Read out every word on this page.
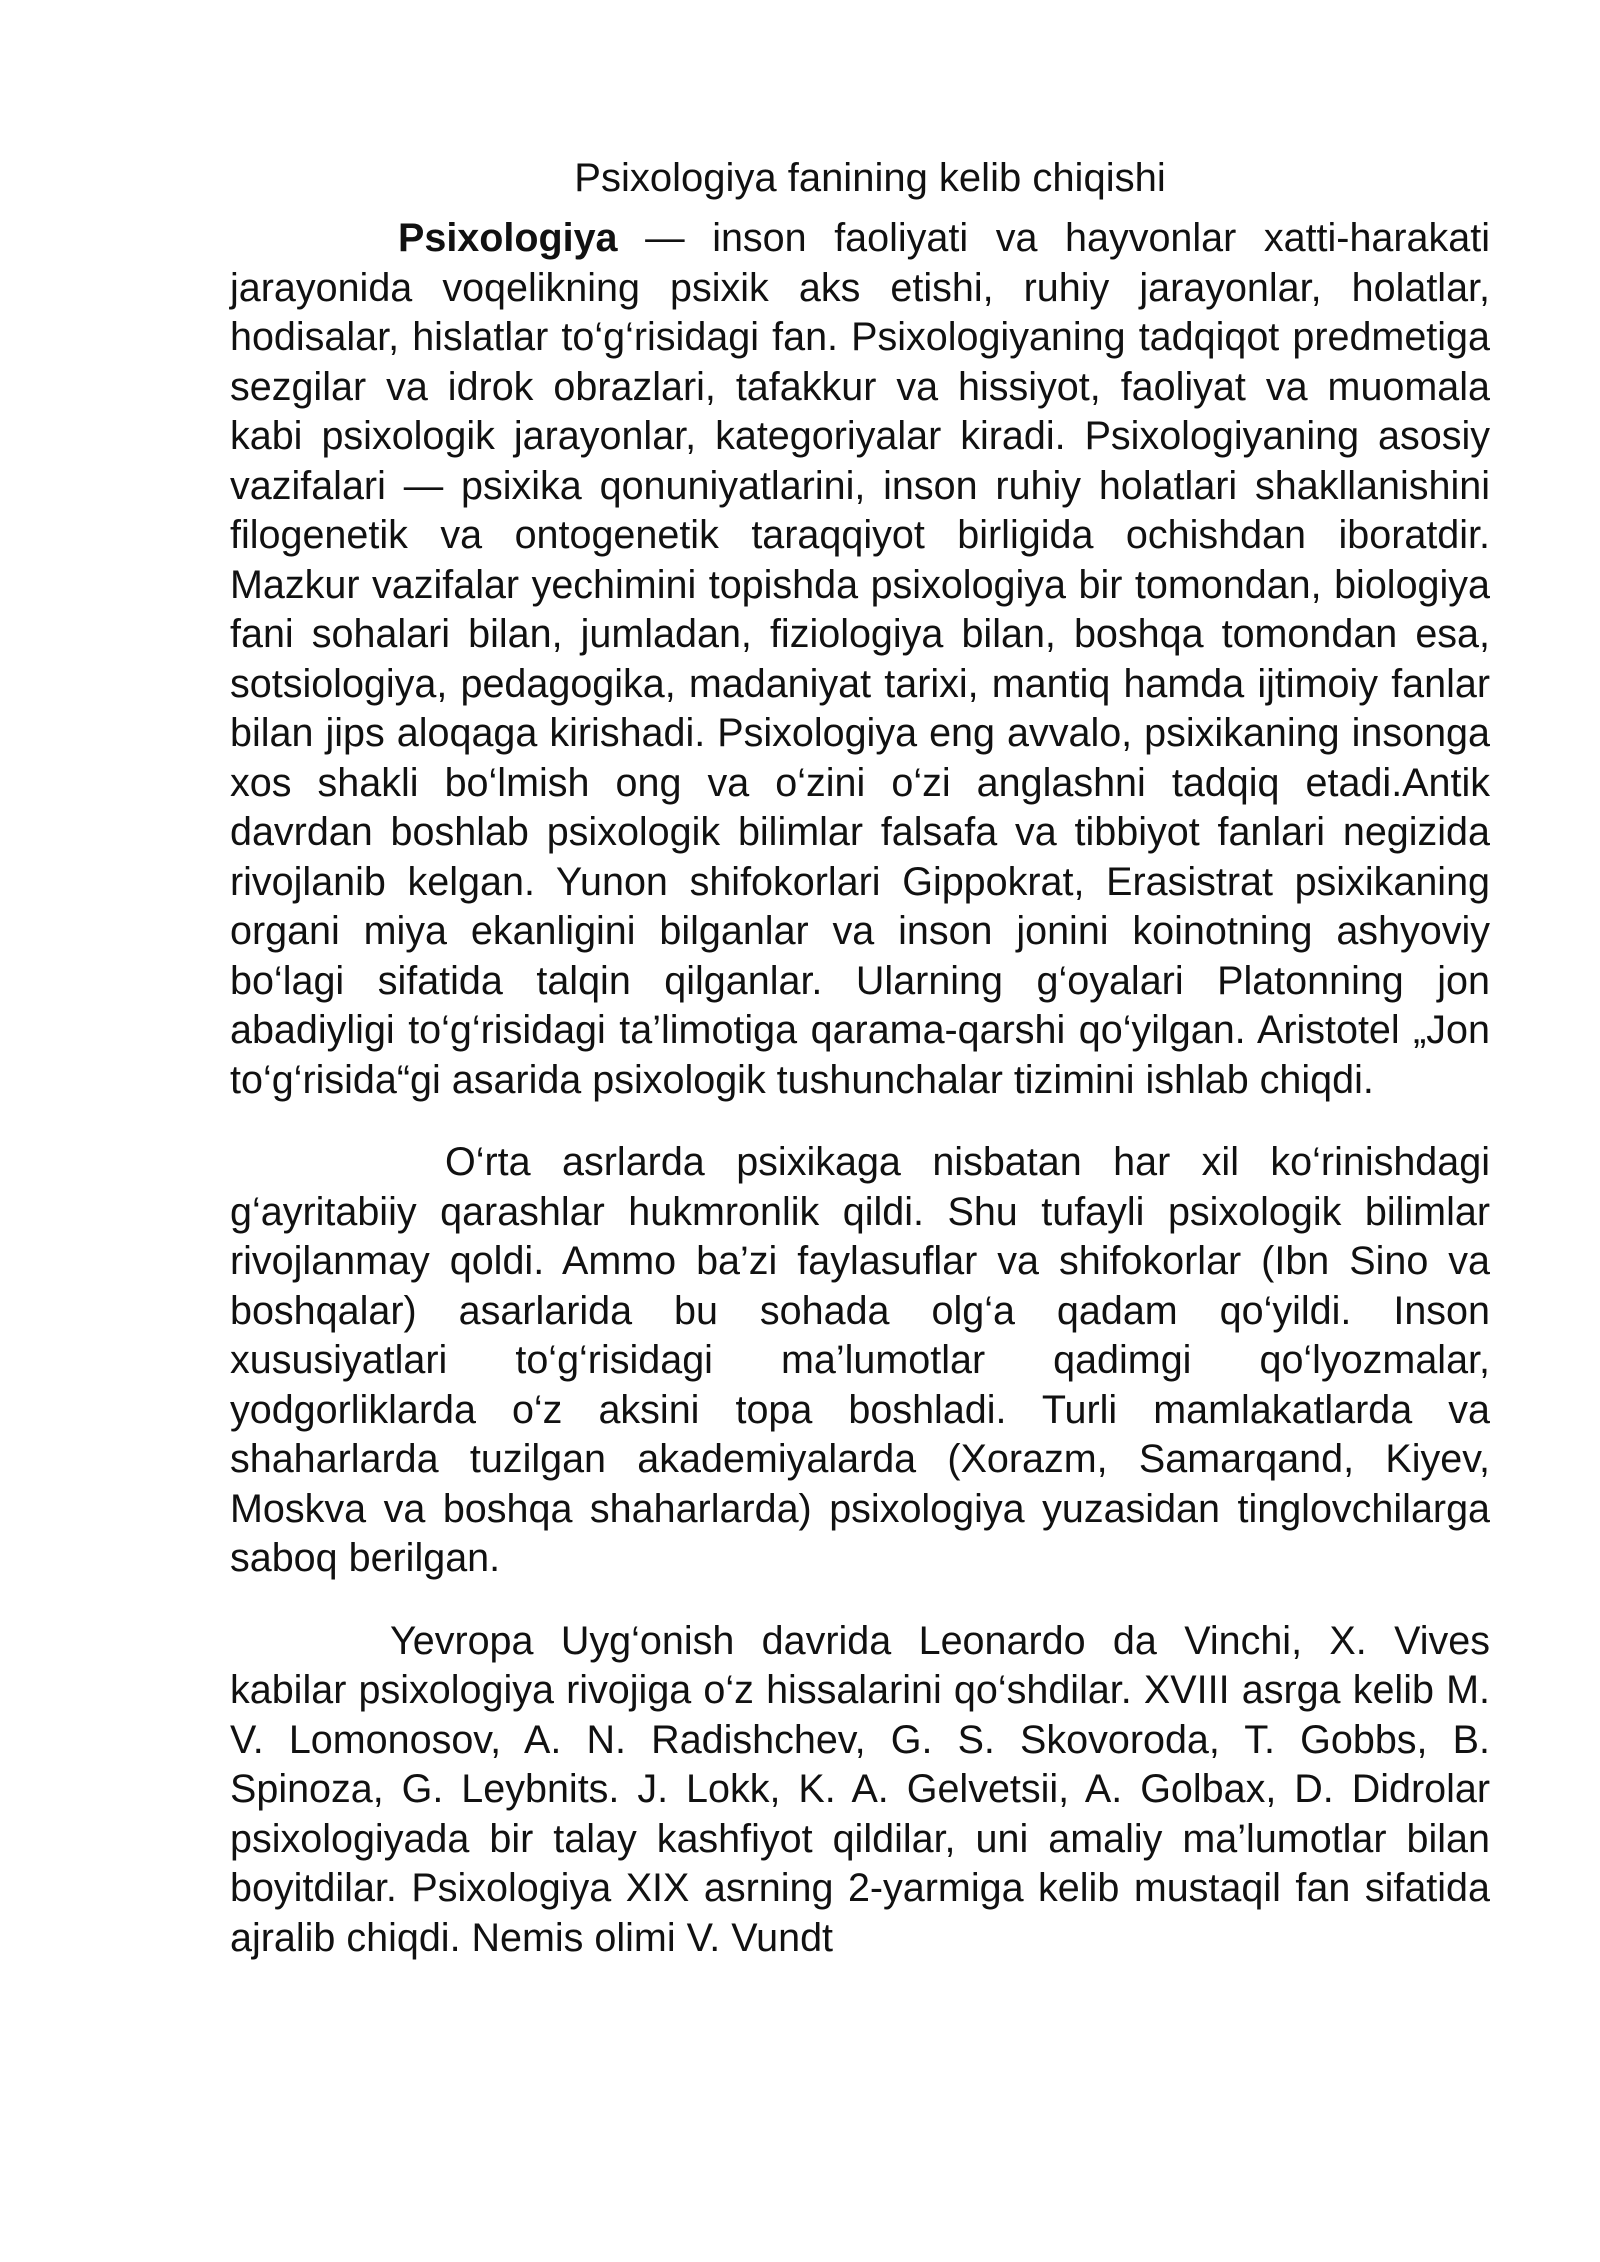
Psixologiya fanining kelib chiqishi

Psixologiya — inson faoliyati va hayvonlar xatti-harakati jarayonida voqelikning psixik aks etishi, ruhiy jarayonlar, holatlar, hodisalar, hislatlar to‘g‘risidagi fan. Psixologiyaning tadqiqot predmetiga sezgilar va idrok obrazlari, tafakkur va hissiyot, faoliyat va muomala kabi psixologik jarayonlar, kategoriyalar kiradi. Psixologiyaning asosiy vazifalari — psixika qonuniyatlarini, inson ruhiy holatlari shakllanishini filogenetik va ontogenetik taraqqiyot birligida ochishdan iboratdir. Mazkur vazifalar yechimini topishda psixologiya bir tomondan, biologiya fani sohalari bilan, jumladan, fiziologiya bilan, boshqa tomondan esa, sotsiologiya, pedagogika, madaniyat tarixi, mantiq hamda ijtimoiy fanlar bilan jips aloqaga kirishadi. Psixologiya eng avvalo, psixikaning insonga xos shakli bo‘lmish ong va o‘zini o‘zi anglashni tadqiq etadi.Antik davrdan boshlab psixologik bilimlar falsafa va tibbiyot fanlari negizida rivojlanib kelgan. Yunon shifokorlari Gippokrat, Erasistrat psixikaning organi miya ekanligini bilganlar va inson jonini koinotning ashyoviy bo‘lagi sifatida talqin qilganlar. Ularning g‘oyalari Platonning jon abadiyligi to‘g‘risidagi ta’limotiga qarama-qarshi qo‘yilgan. Aristotel „Jon to‘g‘risida“gi asarida psixologik tushunchalar tizimini ishlab chiqdi.

O‘rta asrlarda psixikaga nisbatan har xil ko‘rinishdagi g‘ayritabiiy qarashlar hukmronlik qildi. Shu tufayli psixologik bilimlar rivojlanmay qoldi. Ammo ba’zi faylasuflar va shifokorlar (Ibn Sino va boshqalar) asarlarida bu sohada olg‘a qadam qo‘yildi. Inson xususiyatlari to‘g‘risidagi ma’lumotlar qadimgi qo‘lyozmalar, yodgorliklarda o‘z aksini topa boshladi. Turli mamlakatlarda va shaharlarda tuzilgan akademiyalarda (Xorazm, Samarqand, Kiyev, Moskva va boshqa shaharlarda) psixologiya yuzasidan tinglovchilarga saboq berilgan.

Yevropa Uyg‘onish davrida Leonardo da Vinchi, X. Vives kabilar psixologiya rivojiga o‘z hissalarini qo‘shdilar. XVIII asrga kelib M. V. Lomonosov, A. N. Radishchev, G. S. Skovoroda, T. Gobbs, B. Spinoza, G. Leybnits. J. Lokk, K. A. Gelvetsii, A. Golbax, D. Didrolar psixologiyada bir talay kashfiyot qildilar, uni amaliy ma’lumotlar bilan boyitdilar. Psixologiya XIX asrning 2-yarmiga kelib mustaqil fan sifatida ajralib chiqdi. Nemis olimi V. Vundt
